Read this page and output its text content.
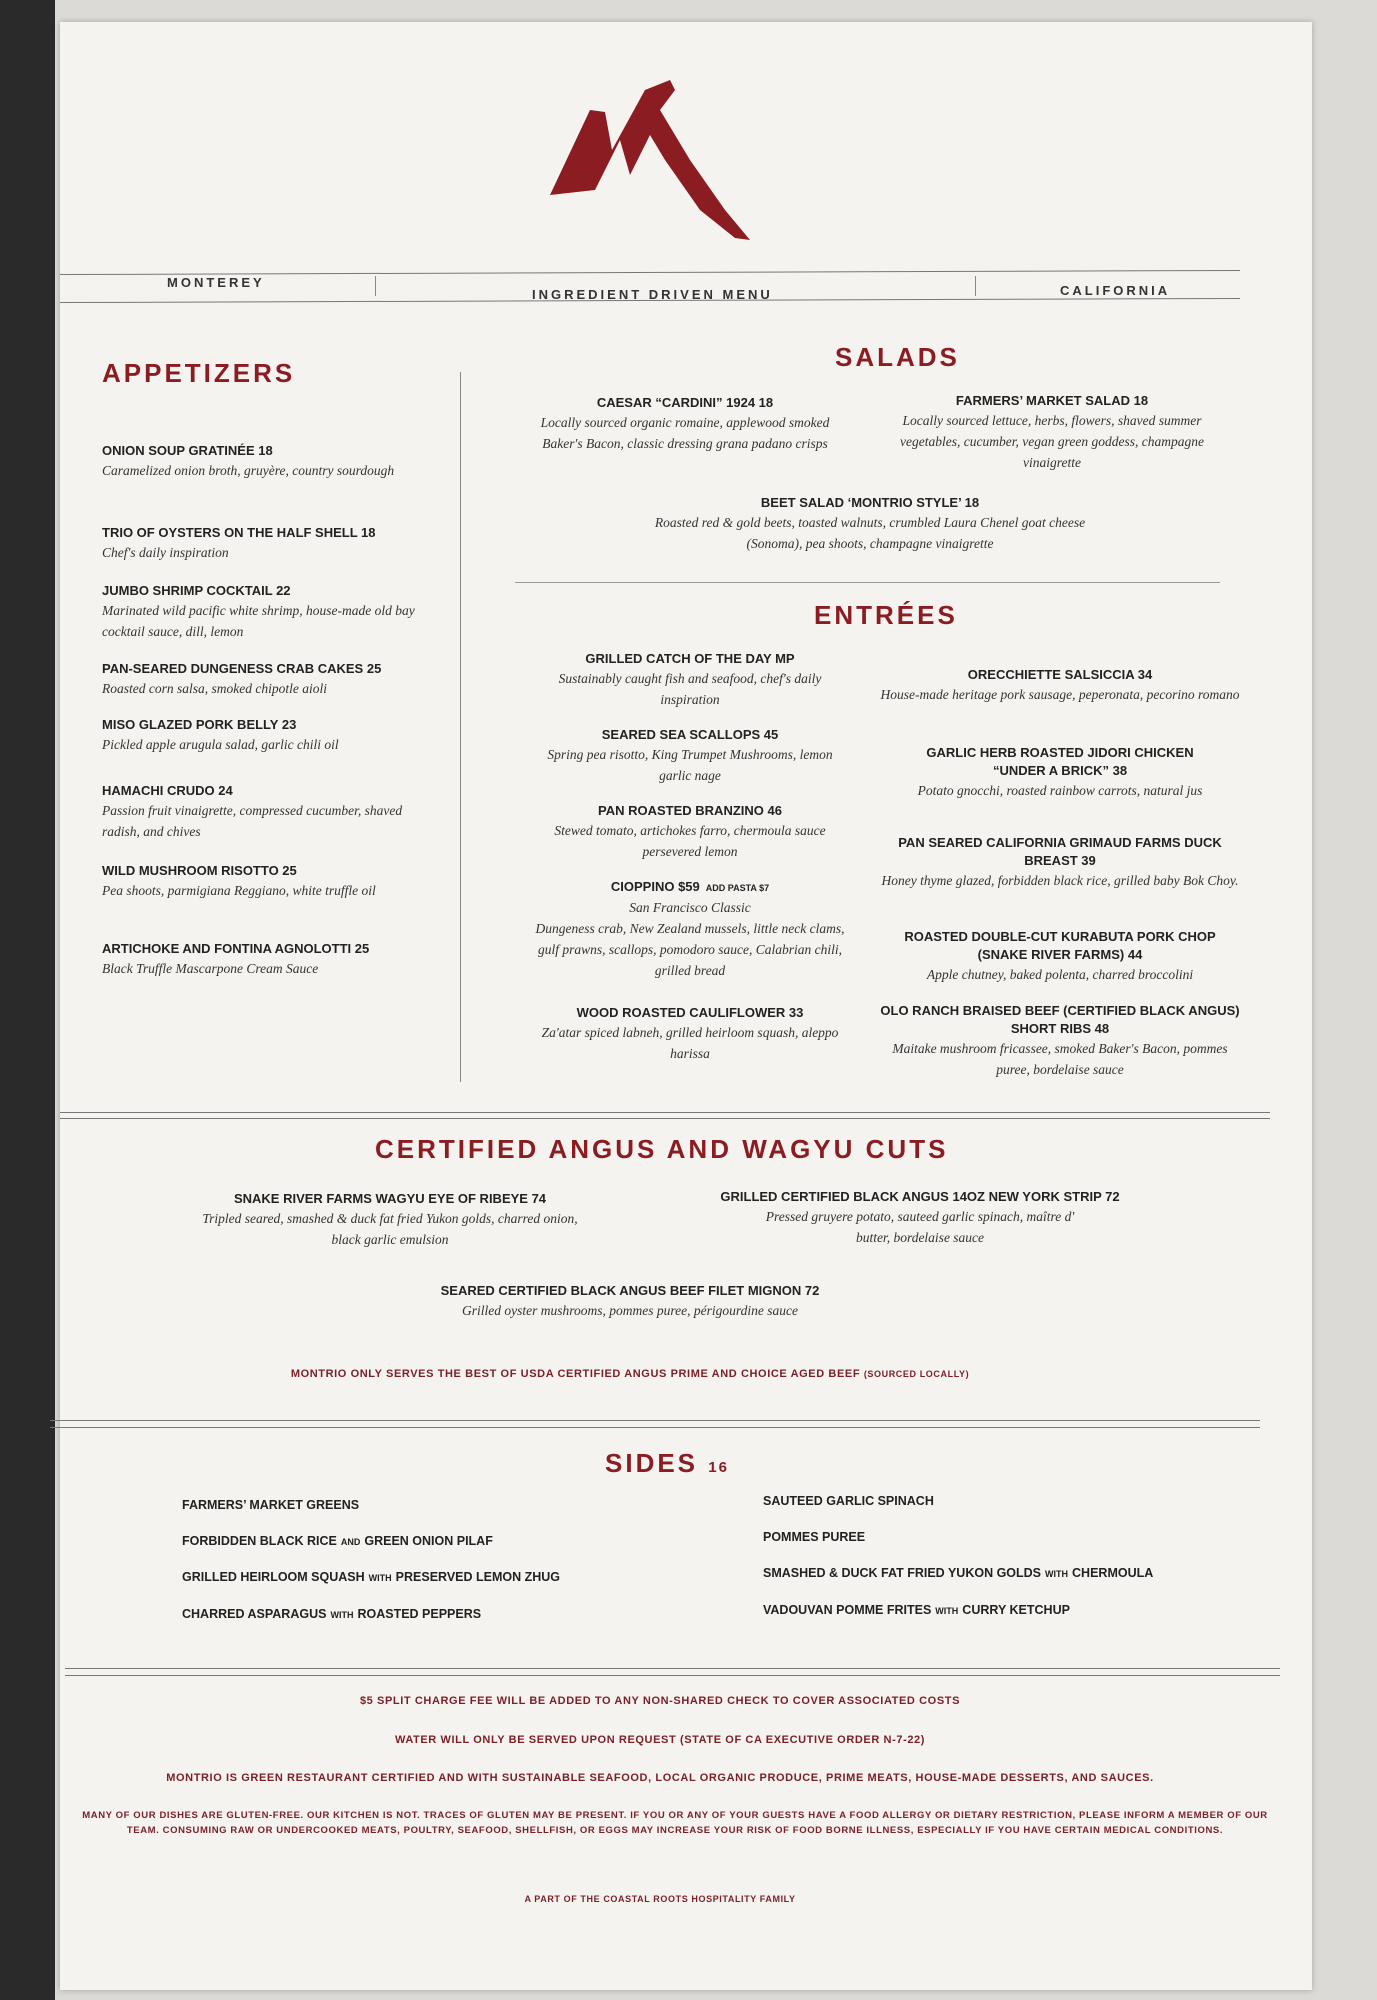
MONTEREY
INGREDIENT DRIVEN MENU	CALIFORNIA
APPETIZERS
SALADS
CAESAR “CARDINI” 1924 18
Locally sourced organic romaine, applewood smoked Baker's Bacon, classic dressing grana padano crisps
FARMERS’ MARKET SALAD 18
Locally sourced lettuce, herbs, flowers, shaved summer vegetables, cucumber, vegan green goddess, champagne vinaigrette
BEET SALAD ‘MONTRIO STYLE’ 18
Roasted red & gold beets, toasted walnuts, crumbled Laura Chenel goat cheese (Sonoma), pea shoots, champagne vinaigrette
ENTRÉES
CERTIFIED ANGUS AND WAGYU CUTS
SNAKE RIVER FARMS WAGYU EYE OF RIBEYE 74
Tripled seared, smashed & duck fat fried Yukon golds, charred onion, black garlic emulsion
GRILLED CERTIFIED BLACK ANGUS 14OZ NEW YORK STRIP 72
Pressed gruyere potato, sauteed garlic spinach, maître d' butter, bordelaise sauce
SEARED CERTIFIED BLACK ANGUS BEEF FILET MIGNON 72
Grilled oyster mushrooms, pommes puree, périgourdine sauce
MONTRIO ONLY SERVES THE BEST OF USDA CERTIFIED ANGUS PRIME AND CHOICE AGED BEEF (SOURCED LOCALLY)
SIDES 16
$5 SPLIT CHARGE FEE WILL BE ADDED TO ANY NON-SHARED CHECK TO COVER ASSOCIATED COSTS
WATER WILL ONLY BE SERVED UPON REQUEST (STATE OF CA EXECUTIVE ORDER N-7-22)
MONTRIO IS GREEN RESTAURANT CERTIFIED AND WITH SUSTAINABLE SEAFOOD, LOCAL ORGANIC PRODUCE, PRIME MEATS, HOUSE-MADE DESSERTS, AND SAUCES.
MANY OF OUR DISHES ARE GLUTEN-FREE. OUR KITCHEN IS NOT. TRACES OF GLUTEN MAY BE PRESENT. IF YOU OR ANY OF YOUR GUESTS HAVE A FOOD ALLERGY OR DIETARY RESTRICTION, PLEASE INFORM A MEMBER OF OUR TEAM. CONSUMING RAW OR UNDERCOOKED MEATS, POULTRY, SEAFOOD, SHELLFISH, OR EGGS MAY INCREASE YOUR RISK OF FOOD BORNE ILLNESS, ESPECIALLY IF YOU HAVE CERTAIN MEDICAL CONDITIONS.
A PART OF THE COASTAL ROOTS HOSPITALITY FAMILY
ONION SOUP GRATINÉE 18
Caramelized onion broth, gruyère, country sourdough
TRIO OF OYSTERS ON THE HALF SHELL 18
Chef's daily inspiration
JUMBO SHRIMP COCKTAIL 22
Marinated wild pacific white shrimp, house-made old bay cocktail sauce, dill, lemon
PAN-SEARED DUNGENESS CRAB CAKES 25
Roasted corn salsa, smoked chipotle aioli
MISO GLAZED PORK BELLY 23
Pickled apple arugula salad, garlic chili oil
HAMACHI CRUDO 24
Passion fruit vinaigrette, compressed cucumber, shaved radish, and chives
WILD MUSHROOM RISOTTO 25
Pea shoots, parmigiana Reggiano, white truffle oil
ARTICHOKE AND FONTINA AGNOLOTTI 25
Black Truffle Mascarpone Cream Sauce
GRILLED CATCH OF THE DAY MP
Sustainably caught fish and seafood, chef's daily inspiration
SEARED SEA SCALLOPS 45
Spring pea risotto, King Trumpet Mushrooms, lemon garlic nage
PAN ROASTED BRANZINO 46
Stewed tomato, artichokes farro, chermoula sauce persevered lemon
CIOPPINO $59 ADD PASTA $7
San Francisco Classic
Dungeness crab, New Zealand mussels, little neck clams, gulf prawns, scallops, pomodoro sauce, Calabrian chili, grilled bread
WOOD ROASTED CAULIFLOWER 33
Za'atar spiced labneh, grilled heirloom squash, aleppo harissa
ORECCHIETTE SALSICCIA 34
House-made heritage pork sausage, peperonata, pecorino romano
GARLIC HERB ROASTED JIDORI CHICKEN
“UNDER A BRICK” 38
Potato gnocchi, roasted rainbow carrots, natural jus
PAN SEARED CALIFORNIA GRIMAUD FARMS DUCK
BREAST 39
Honey thyme glazed, forbidden black rice, grilled baby Bok Choy.
ROASTED DOUBLE-CUT KURABUTA PORK CHOP
(SNAKE RIVER FARMS) 44
Apple chutney, baked polenta, charred broccolini
OLO RANCH BRAISED BEEF (CERTIFIED BLACK ANGUS)
SHORT RIBS 48
Maitake mushroom fricassee, smoked Baker's Bacon, pommes puree, bordelaise sauce
FARMERS’ MARKET GREENS
FORBIDDEN BLACK RICE AND GREEN ONION PILAF
GRILLED HEIRLOOM SQUASH WITH PRESERVED LEMON ZHUG
CHARRED ASPARAGUS WITH ROASTED PEPPERS
SAUTEED GARLIC SPINACH
POMMES PUREE
SMASHED & DUCK FAT FRIED YUKON GOLDS WITH CHERMOULA
VADOUVAN POMME FRITES WITH CURRY KETCHUP
